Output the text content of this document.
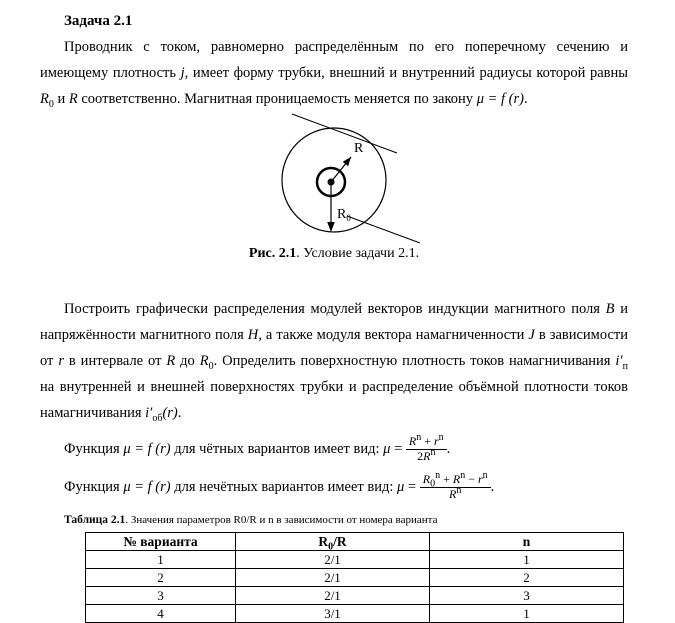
Задача 2.1

Проводник с током, равномерно распределённым по его поперечному сечению и имеющему плотность j, имеет форму трубки, внешний и внутренний радиусы которой равны $R_0$ и R соответственно. Магнитная проницаемость меняется по закону μ = f (r).

R
$R_0$

Рис. 2.1. Условие задачи 2.1.

Построить графически распределения модулей векторов индукции магнитного поля B и напряжённости магнитного поля H, а также модуля вектора намагниченности J в зависимости от r в интервале от R до $R_0$. Определить поверхностную плотность токов намагничивания $i'_п$ на внутренней и внешней поверхностях трубки и распределение объёмной плотности токов намагничивания $i'_{об}(r)$.

Функция μ = f (r) для чётных вариантов имеет вид: $\mu = \frac{R^n + r^n}{2R^n}$ .

Функция μ = f (r) для нечётных вариантов имеет вид: $\mu = \frac{R_0^n + R^n - r^n}{R^n}$ .

Таблица 2.1. Значения параметров R0/R и n в зависимости от номера варианта

№ варианта	$R_0/R$	n
1	2/1	1
2	2/1	2
3	2/1	3
4	3/1	1
